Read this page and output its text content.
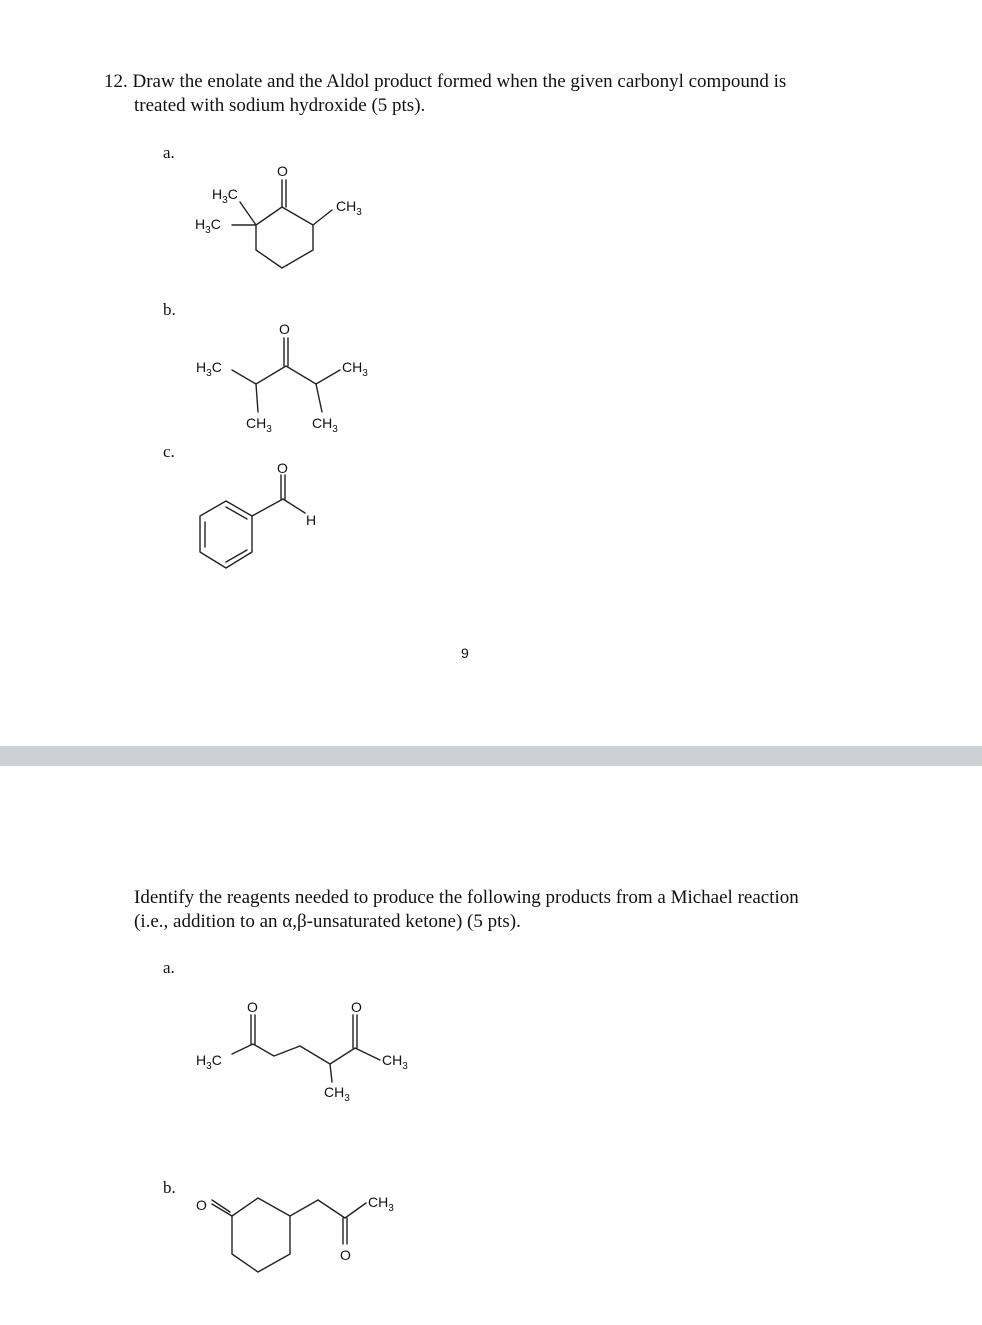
12. Draw the enolate and the Aldol product formed when the given carbonyl compound is
treated with sodium hydroxide (5 pts).
a.
b.
c.
O
$H_3C$
$H_3C$
$CH_3$
O
$H_3C$	$CH_3$
$CH_3$	$CH_3$
O
H
9
Identify the reagents needed to produce the following products from a Michael reaction
(i.e., addition to an α,β-unsaturated ketone) (5 pts).
a.
b.
O	O
$H_3C$	$CH_3$
$CH_3$
O
O
$CH_3$
